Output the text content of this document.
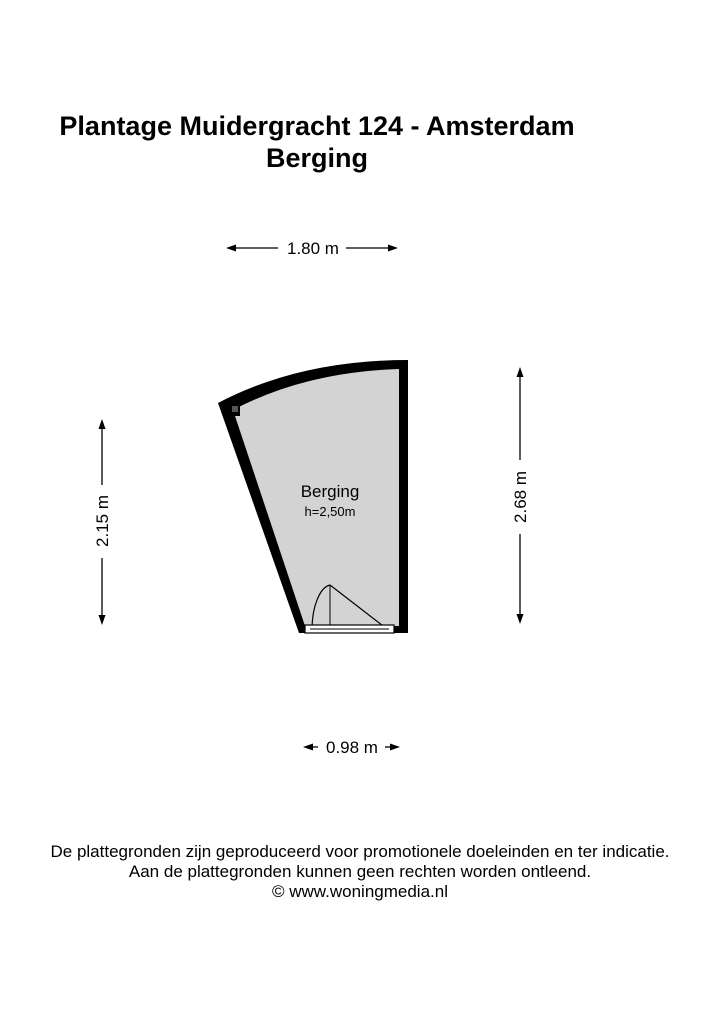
Plantage Muidergracht 124 - Amsterdam
Berging
1.80 m
2.15 m	2.68 m
Berging
h=2,50m
0.98 m
De plattegronden zijn geproduceerd voor promotionele doeleinden en ter indicatie.
Aan de plattegronden kunnen geen rechten worden ontleend.
© www.woningmedia.nl
